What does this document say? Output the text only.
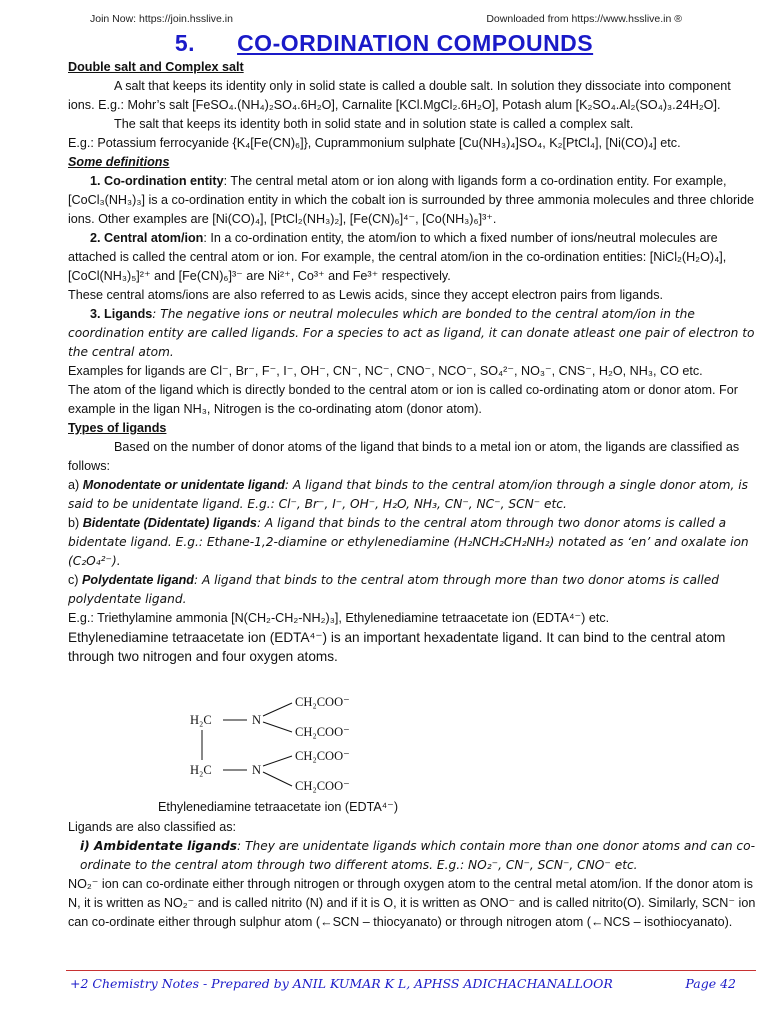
Join Now: https://join.hsslive.in	Downloaded from https://www.hsslive.in ®
5. CO-ORDINATION COMPOUNDS

Double salt and Complex salt

A salt that keeps its identity only in solid state is called a double salt. In solution they dissociate into component ions. E.g.: Mohr’s salt [FeSO₄.(NH₄)₂SO₄.6H₂O], Carnalite [KCl.MgCl₂.6H₂O], Potash alum [K₂SO₄.Al₂(SO₄)₃.24H₂O].

The salt that keeps its identity both in solid state and in solution state is called a complex salt.

E.g.: Potassium ferrocyanide {K₄[Fe(CN)₆]}, Cuprammonium sulphate [Cu(NH₃)₄]SO₄, K₂[PtCl₄], [Ni(CO)₄] etc.

Some definitions

1. Co-ordination entity: The central metal atom or ion along with ligands form a co-ordination entity. For example, [CoCl₃(NH₃)₃] is a co-ordination entity in which the cobalt ion is surrounded by three ammonia molecules and three chloride ions. Other examples are [Ni(CO)₄], [PtCl₂(NH₃)₂], [Fe(CN)₆]⁴⁻, [Co(NH₃)₆]³⁺.

2. Central atom/ion: In a co-ordination entity, the atom/ion to which a fixed number of ions/neutral molecules are attached is called the central atom or ion. For example, the central atom/ion in the co-ordination entities: [NiCl₂(H₂O)₄], [CoCl(NH₃)₅]²⁺ and [Fe(CN)₆]³⁻ are Ni²⁺, Co³⁺ and Fe³⁺ respectively.

These central atoms/ions are also referred to as Lewis acids, since they accept electron pairs from ligands.

3. Ligands: The negative ions or neutral molecules which are bonded to the central atom/ion in the coordination entity are called ligands. For a species to act as ligand, it can donate atleast one pair of electron to the central atom.

Examples for ligands are Cl⁻, Br⁻, F⁻, I⁻, OH⁻, CN⁻, NC⁻, CNO⁻, NCO⁻, SO₄²⁻, NO₃⁻, CNS⁻, H₂O, NH₃, CO etc.

The atom of the ligand which is directly bonded to the central atom or ion is called co-ordinating atom or donor atom. For example in the ligan NH₃, Nitrogen is the co-ordinating atom (donor atom).

Types of ligands

Based on the number of donor atoms of the ligand that binds to a metal ion or atom, the ligands are classified as follows:

a) Monodentate or unidentate ligand: A ligand that binds to the central atom/ion through a single donor atom, is said to be unidentate ligand. E.g.: Cl⁻, Br⁻, I⁻, OH⁻, H₂O, NH₃, CN⁻, NC⁻, SCN⁻ etc.

b) Bidentate (Didentate) ligands: A ligand that binds to the central atom through two donor atoms is called a bidentate ligand. E.g.: Ethane-1,2-diamine or ethylenediamine (H₂NCH₂CH₂NH₂) notated as ‘en’ and oxalate ion (C₂O₄²⁻).

c) Polydentate ligand: A ligand that binds to the central atom through more than two donor atoms is called polydentate ligand.

E.g.: Triethylamine ammonia [N(CH₂-CH₂-NH₂)₃], Ethylenediamine tetraacetate ion (EDTA⁴⁻) etc.

Ethylenediamine tetraacetate ion (EDTA⁴⁻) is an important hexadentate ligand. It can bind to the central atom through two nitrogen and four oxygen atoms.

H₂C
H₂C
N
N
CH₂COO⁻
CH₂COO⁻
CH₂COO⁻
CH₂COO⁻
Ethylenediamine tetraacetate ion (EDTA⁴⁻)

Ligands are also classified as:

i) Ambidentate ligands: They are unidentate ligands which contain more than one donor atoms and can co-ordinate to the central atom through two different atoms. E.g.: NO₂⁻, CN⁻, SCN⁻, CNO⁻ etc.

NO₂⁻ ion can co-ordinate either through nitrogen or through oxygen atom to the central metal atom/ion. If the donor atom is N, it is written as NO₂⁻ and is called nitrito (N) and if it is O, it is written as ONO⁻ and is called nitrito(O). Similarly, SCN⁻ ion can co-ordinate either through sulphur atom (←SCN – thiocyanato) or through nitrogen atom (←NCS – isothiocyanato).

+2 Chemistry Notes - Prepared by ANIL KUMAR K L, APHSS ADICHACHANALLOOR	Page 42
